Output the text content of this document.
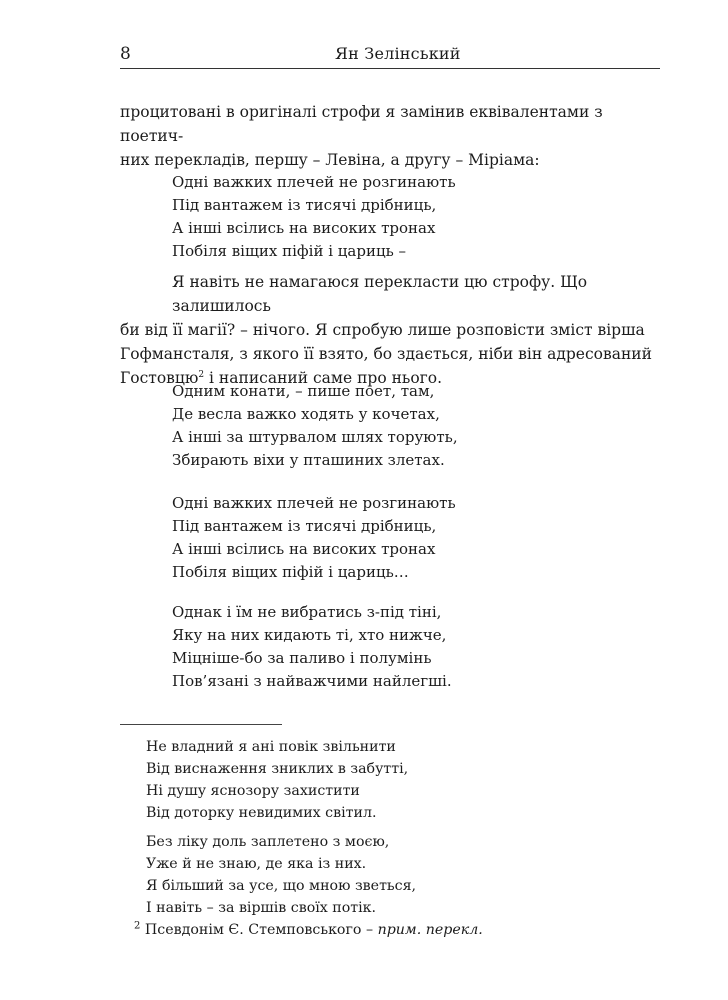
8	Ян Зелінський
процитовані в оригіналі строфи я замінив еквівалентами з поетич-
них перекладів, першу – Левіна, а другу – Міріама:
Одні важких плечей не розгинають
Під вантажем із тисячі дрібниць,
А інші всілись на високих тронах
Побіля віщих піфій і цариць –
Я навіть не намагаюся перекласти цю строфу. Що залишилось
би від її магії? – нічого. Я спробую лише розповісти зміст вірша
Гофмансталя, з якого її взято, бо здається, ніби він адресований
Гостовцю$^2$ і написаний саме про нього.
Одним конати, – пише поет, там,
Де весла важко ходять у кочетах,
А інші за штурвалом шлях торують,
Збирають віхи у пташиних злетах.
Одні важких плечей не розгинають
Під вантажем із тисячі дрібниць,
А інші всілись на високих тронах
Побіля віщих піфій і цариць…
Однак і їм не вибратись з-під тіні,
Яку на них кидають ті, хто нижче,
Міцніше-бо за паливо і полумінь
Пов’язані з найважчими найлегші.
Не владний я ані повік звільнити
Від виснаження зниклих в забутті,
Ні душу яснозору захистити
Від доторку невидимих світил.
Без ліку доль заплетено з моєю,
Уже й не знаю, де яка із них.
Я більший за усе, що мною зветься,
І навіть – за віршів своїх потік.
$^2$ Псевдонім Є. Стемповського – прим. перекл.
